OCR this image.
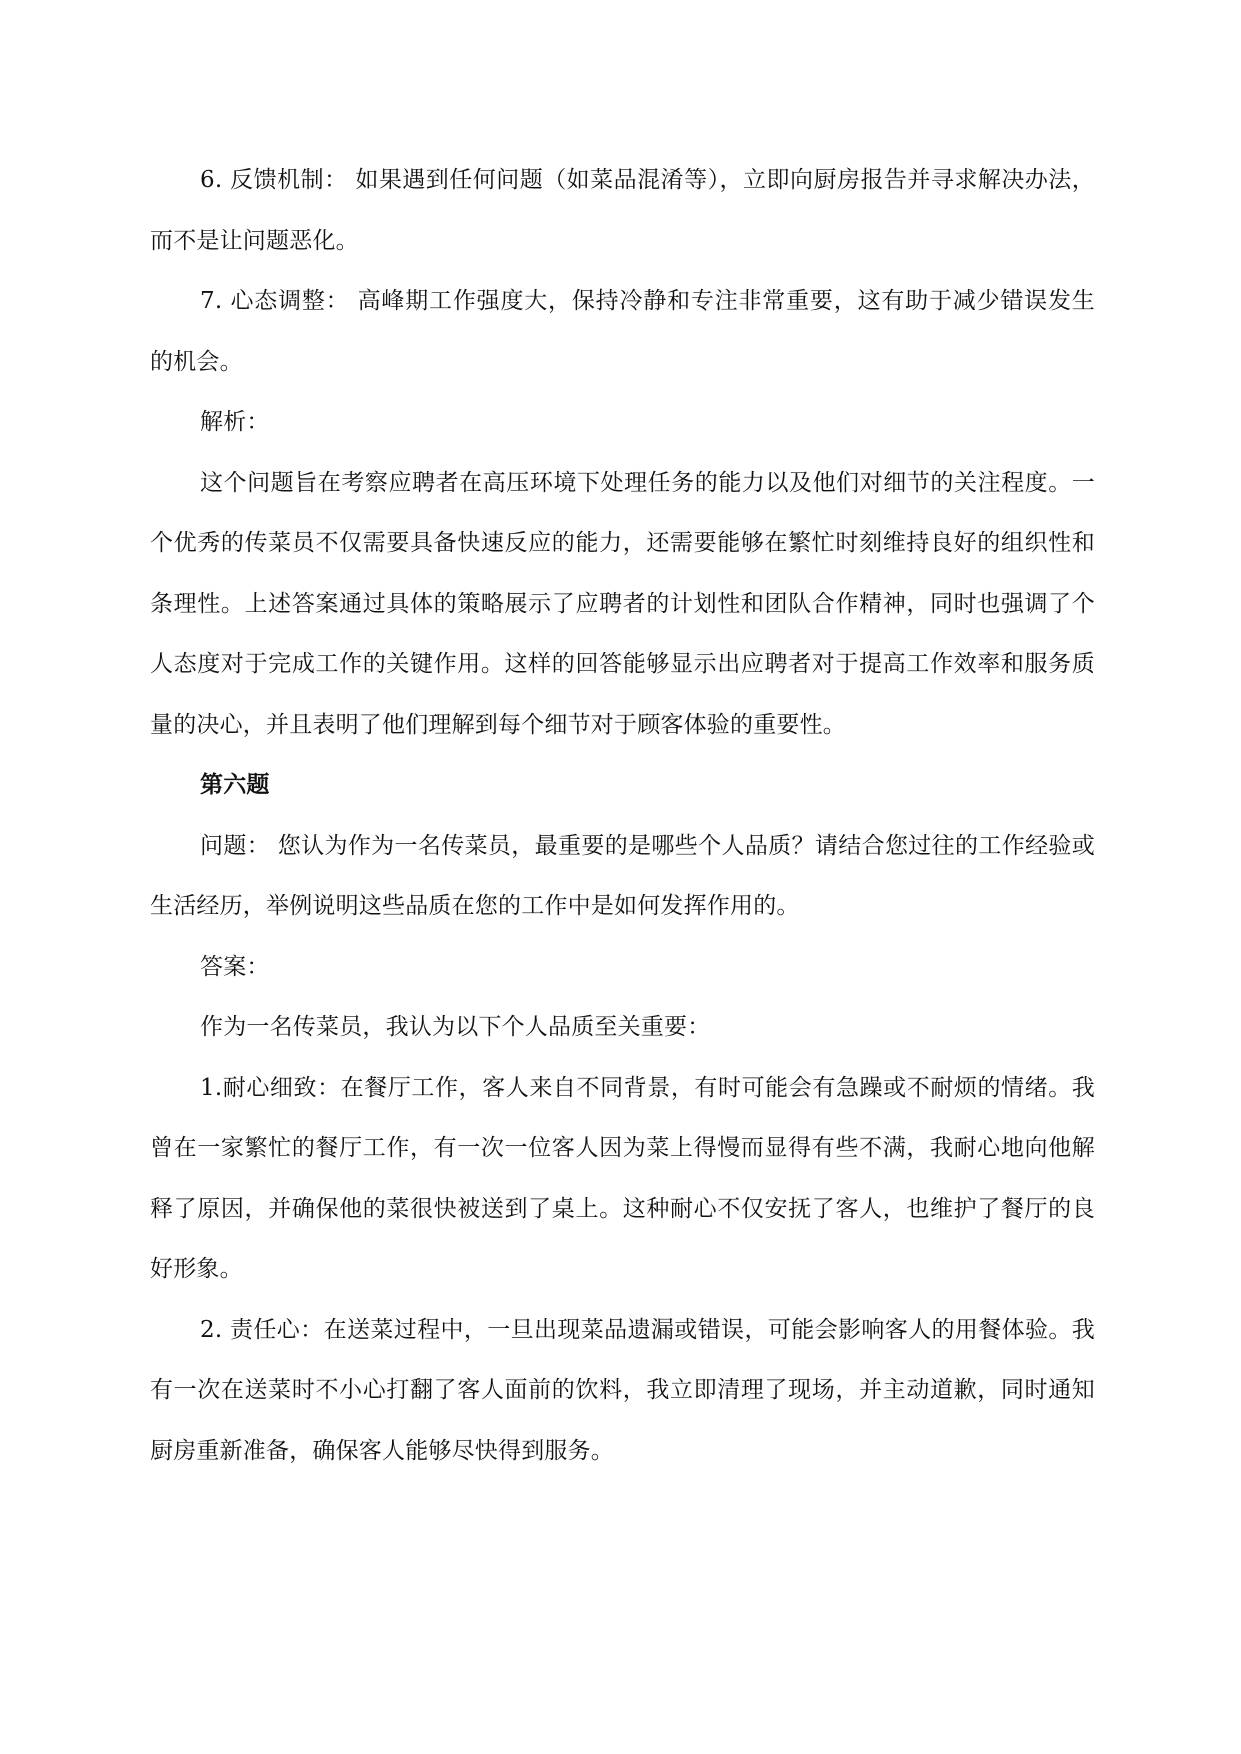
6. 反馈机制： 如果遇到任何问题（如菜品混淆等），立即向厨房报告并寻求解决办法，而不是让问题恶化。

7. 心态调整： 高峰期工作强度大，保持冷静和专注非常重要，这有助于减少错误发生的机会。

解析：

这个问题旨在考察应聘者在高压环境下处理任务的能力以及他们对细节的关注程度。一个优秀的传菜员不仅需要具备快速反应的能力，还需要能够在繁忙时刻维持良好的组织性和条理性。上述答案通过具体的策略展示了应聘者的计划性和团队合作精神，同时也强调了个人态度对于完成工作的关键作用。这样的回答能够显示出应聘者对于提高工作效率和服务质量的决心，并且表明了他们理解到每个细节对于顾客体验的重要性。

第六题

问题： 您认为作为一名传菜员，最重要的是哪些个人品质？请结合您过往的工作经验或生活经历，举例说明这些品质在您的工作中是如何发挥作用的。

答案：

作为一名传菜员，我认为以下个人品质至关重要：

1.耐心细致：在餐厅工作，客人来自不同背景，有时可能会有急躁或不耐烦的情绪。我曾在一家繁忙的餐厅工作，有一次一位客人因为菜上得慢而显得有些不满，我耐心地向他解释了原因，并确保他的菜很快被送到了桌上。这种耐心不仅安抚了客人，也维护了餐厅的良好形象。

2. 责任心：在送菜过程中，一旦出现菜品遗漏或错误，可能会影响客人的用餐体验。我有一次在送菜时不小心打翻了客人面前的饮料，我立即清理了现场，并主动道歉，同时通知厨房重新准备，确保客人能够尽快得到服务。
